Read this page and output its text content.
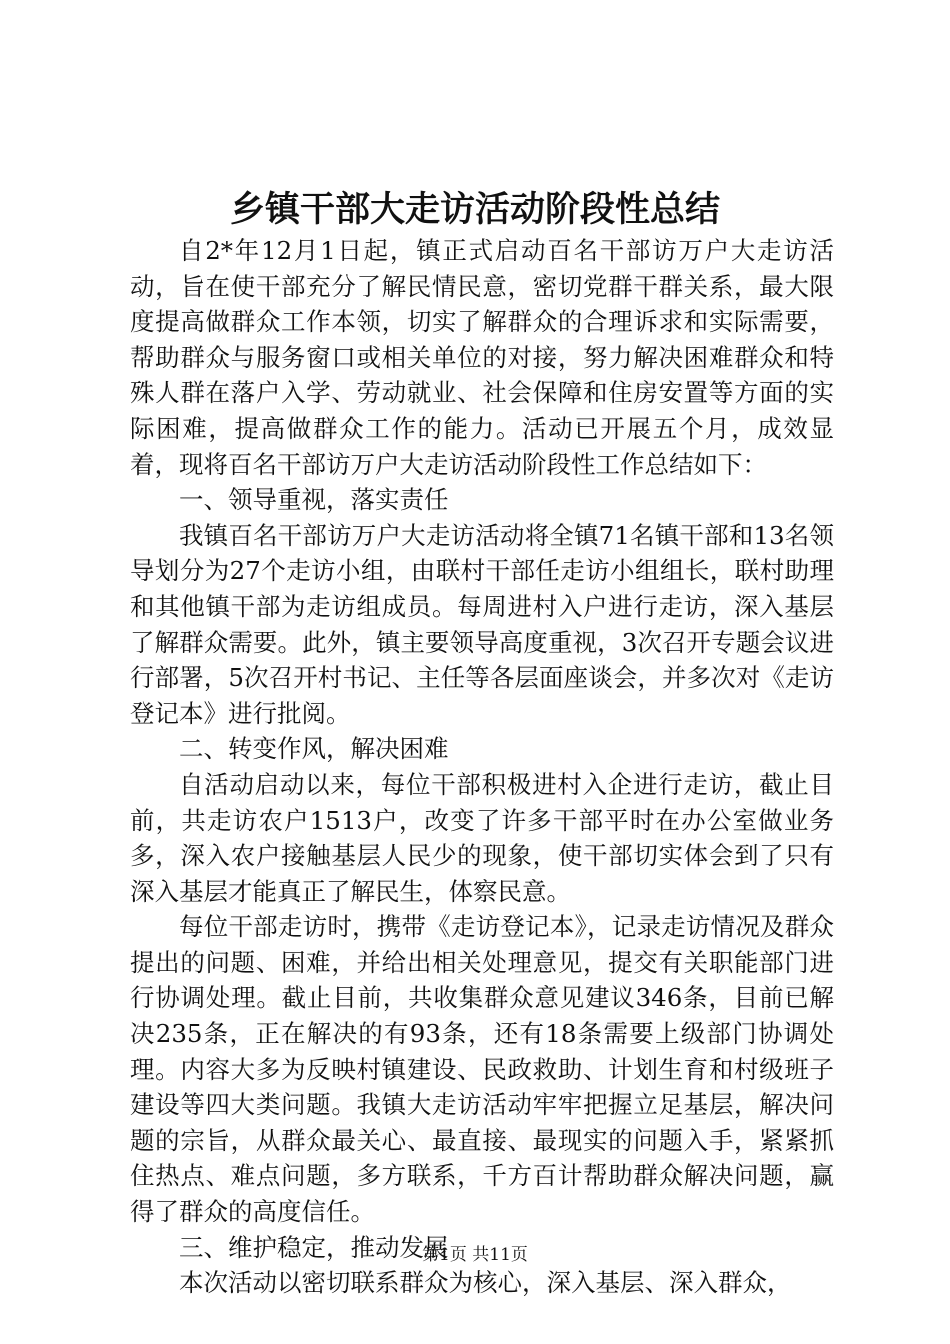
乡镇干部大走访活动阶段性总结

自2*年12月1日起，镇正式启动百名干部访万户大走访活动，旨在使干部充分了解民情民意，密切党群干群关系，最大限度提高做群众工作本领，切实了解群众的合理诉求和实际需要，帮助群众与服务窗口或相关单位的对接，努力解决困难群众和特殊人群在落户入学、劳动就业、社会保障和住房安置等方面的实际困难，提高做群众工作的能力。活动已开展五个月，成效显着，现将百名干部访万户大走访活动阶段性工作总结如下：

一、领导重视，落实责任

我镇百名干部访万户大走访活动将全镇71名镇干部和13名领导划分为27个走访小组，由联村干部任走访小组组长，联村助理和其他镇干部为走访组成员。每周进村入户进行走访，深入基层了解群众需要。此外，镇主要领导高度重视，3次召开专题会议进行部署，5次召开村书记、主任等各层面座谈会，并多次对《走访登记本》进行批阅。

二、转变作风，解决困难

自活动启动以来，每位干部积极进村入企进行走访，截止目前，共走访农户1513户，改变了许多干部平时在办公室做业务多，深入农户接触基层人民少的现象，使干部切实体会到了只有深入基层才能真正了解民生，体察民意。

每位干部走访时，携带《走访登记本》，记录走访情况及群众提出的问题、困难，并给出相关处理意见，提交有关职能部门进行协调处理。截止目前，共收集群众意见建议346条，目前已解决235条，正在解决的有93条，还有18条需要上级部门协调处理。内容大多为反映村镇建设、民政救助、计划生育和村级班子建设等四大类问题。我镇大走访活动牢牢把握立足基层，解决问题的宗旨，从群众最关心、最直接、最现实的问题入手，紧紧抓住热点、难点问题，多方联系，千方百计帮助群众解决问题，赢得了群众的高度信任。

三、维护稳定，推动发展

本次活动以密切联系群众为核心，深入基层、深入群众，

第1页 共11页
